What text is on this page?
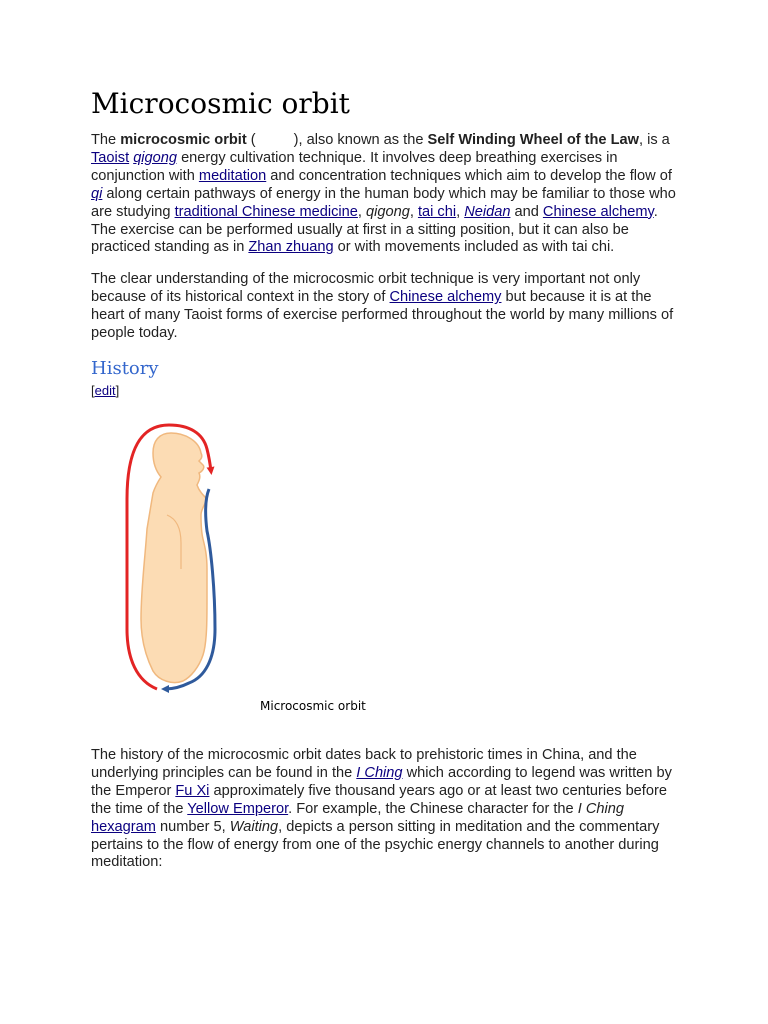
Microcosmic orbit

The microcosmic orbit (	), also known as the Self Winding Wheel of the Law, is a Taoist qigong energy cultivation technique. It involves deep breathing exercises in conjunction with meditation and concentration techniques which aim to develop the flow of qi along certain pathways of energy in the human body which may be familiar to those who are studying traditional Chinese medicine, qigong, tai chi, Neidan and Chinese alchemy. The exercise can be performed usually at first in a sitting position, but it can also be practiced standing as in Zhan zhuang or with movements included as with tai chi.

The clear understanding of the microcosmic orbit technique is very important not only because of its historical context in the story of Chinese alchemy but because it is at the heart of many Taoist forms of exercise performed throughout the world by many millions of people today.

History
[edit]
Microcosmic orbit

The history of the microcosmic orbit dates back to prehistoric times in China, and the underlying principles can be found in the I Ching which according to legend was written by the Emperor Fu Xi approximately five thousand years ago or at least two centuries before the time of the Yellow Emperor. For example, the Chinese character for the I Ching hexagram number 5, Waiting, depicts a person sitting in meditation and the commentary pertains to the flow of energy from one of the psychic energy channels to another during meditation:
